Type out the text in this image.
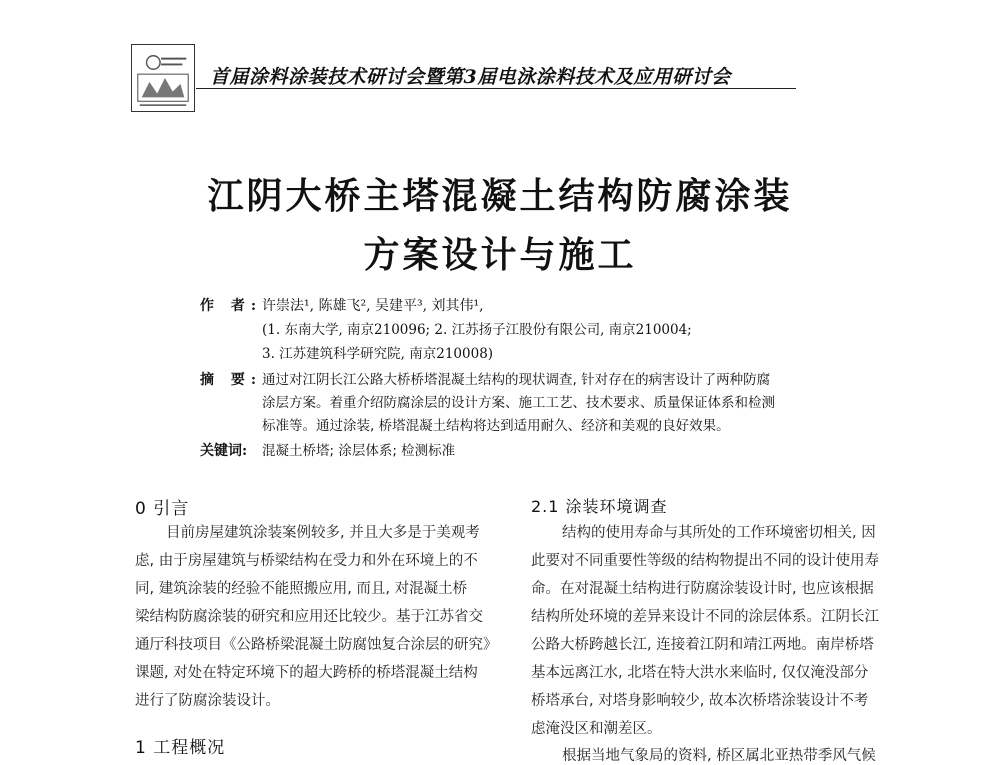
首届涂料涂装技术研讨会暨第3届电泳涂料技术及应用研讨会
江阴大桥主塔混凝土结构防腐涂装
方案设计与施工
作 者: 许崇法¹, 陈雄飞², 吴建平³, 刘其伟¹,
(1. 东南大学, 南京210096; 2. 江苏扬子江股份有限公司, 南京210004;
3. 江苏建筑科学研究院, 南京210008)
摘 要: 通过对江阴长江公路大桥桥塔混凝土结构的现状调查, 针对存在的病害设计了两种防腐
涂层方案。着重介绍防腐涂层的设计方案、施工工艺、技术要求、质量保证体系和检测
标准等。通过涂装, 桥塔混凝土结构将达到适用耐久、经济和美观的良好效果。
关键词: 混凝土桥塔; 涂层体系; 检测标准
0 引言
目前房屋建筑涂装案例较多, 并且大多是于美观考
虑, 由于房屋建筑与桥梁结构在受力和外在环境上的不
同, 建筑涂装的经验不能照搬应用, 而且, 对混凝土桥
梁结构防腐涂装的研究和应用还比较少。基于江苏省交
通厅科技项目《公路桥梁混凝土防腐蚀复合涂层的研究》
课题, 对处在特定环境下的超大跨桥的桥塔混凝土结构
进行了防腐涂装设计。
1 工程概况
2.1 涂装环境调查
结构的使用寿命与其所处的工作环境密切相关, 因
此要对不同重要性等级的结构物提出不同的设计使用寿
命。在对混凝土结构进行防腐涂装设计时, 也应该根据
结构所处环境的差异来设计不同的涂层体系。江阴长江
公路大桥跨越长江, 连接着江阴和靖江两地。南岸桥塔
基本远离江水, 北塔在特大洪水来临时, 仅仅淹没部分
桥塔承台, 对塔身影响较少, 故本次桥塔涂装设计不考
虑淹没区和潮差区。
根据当地气象局的资料, 桥区属北亚热带季风气候
